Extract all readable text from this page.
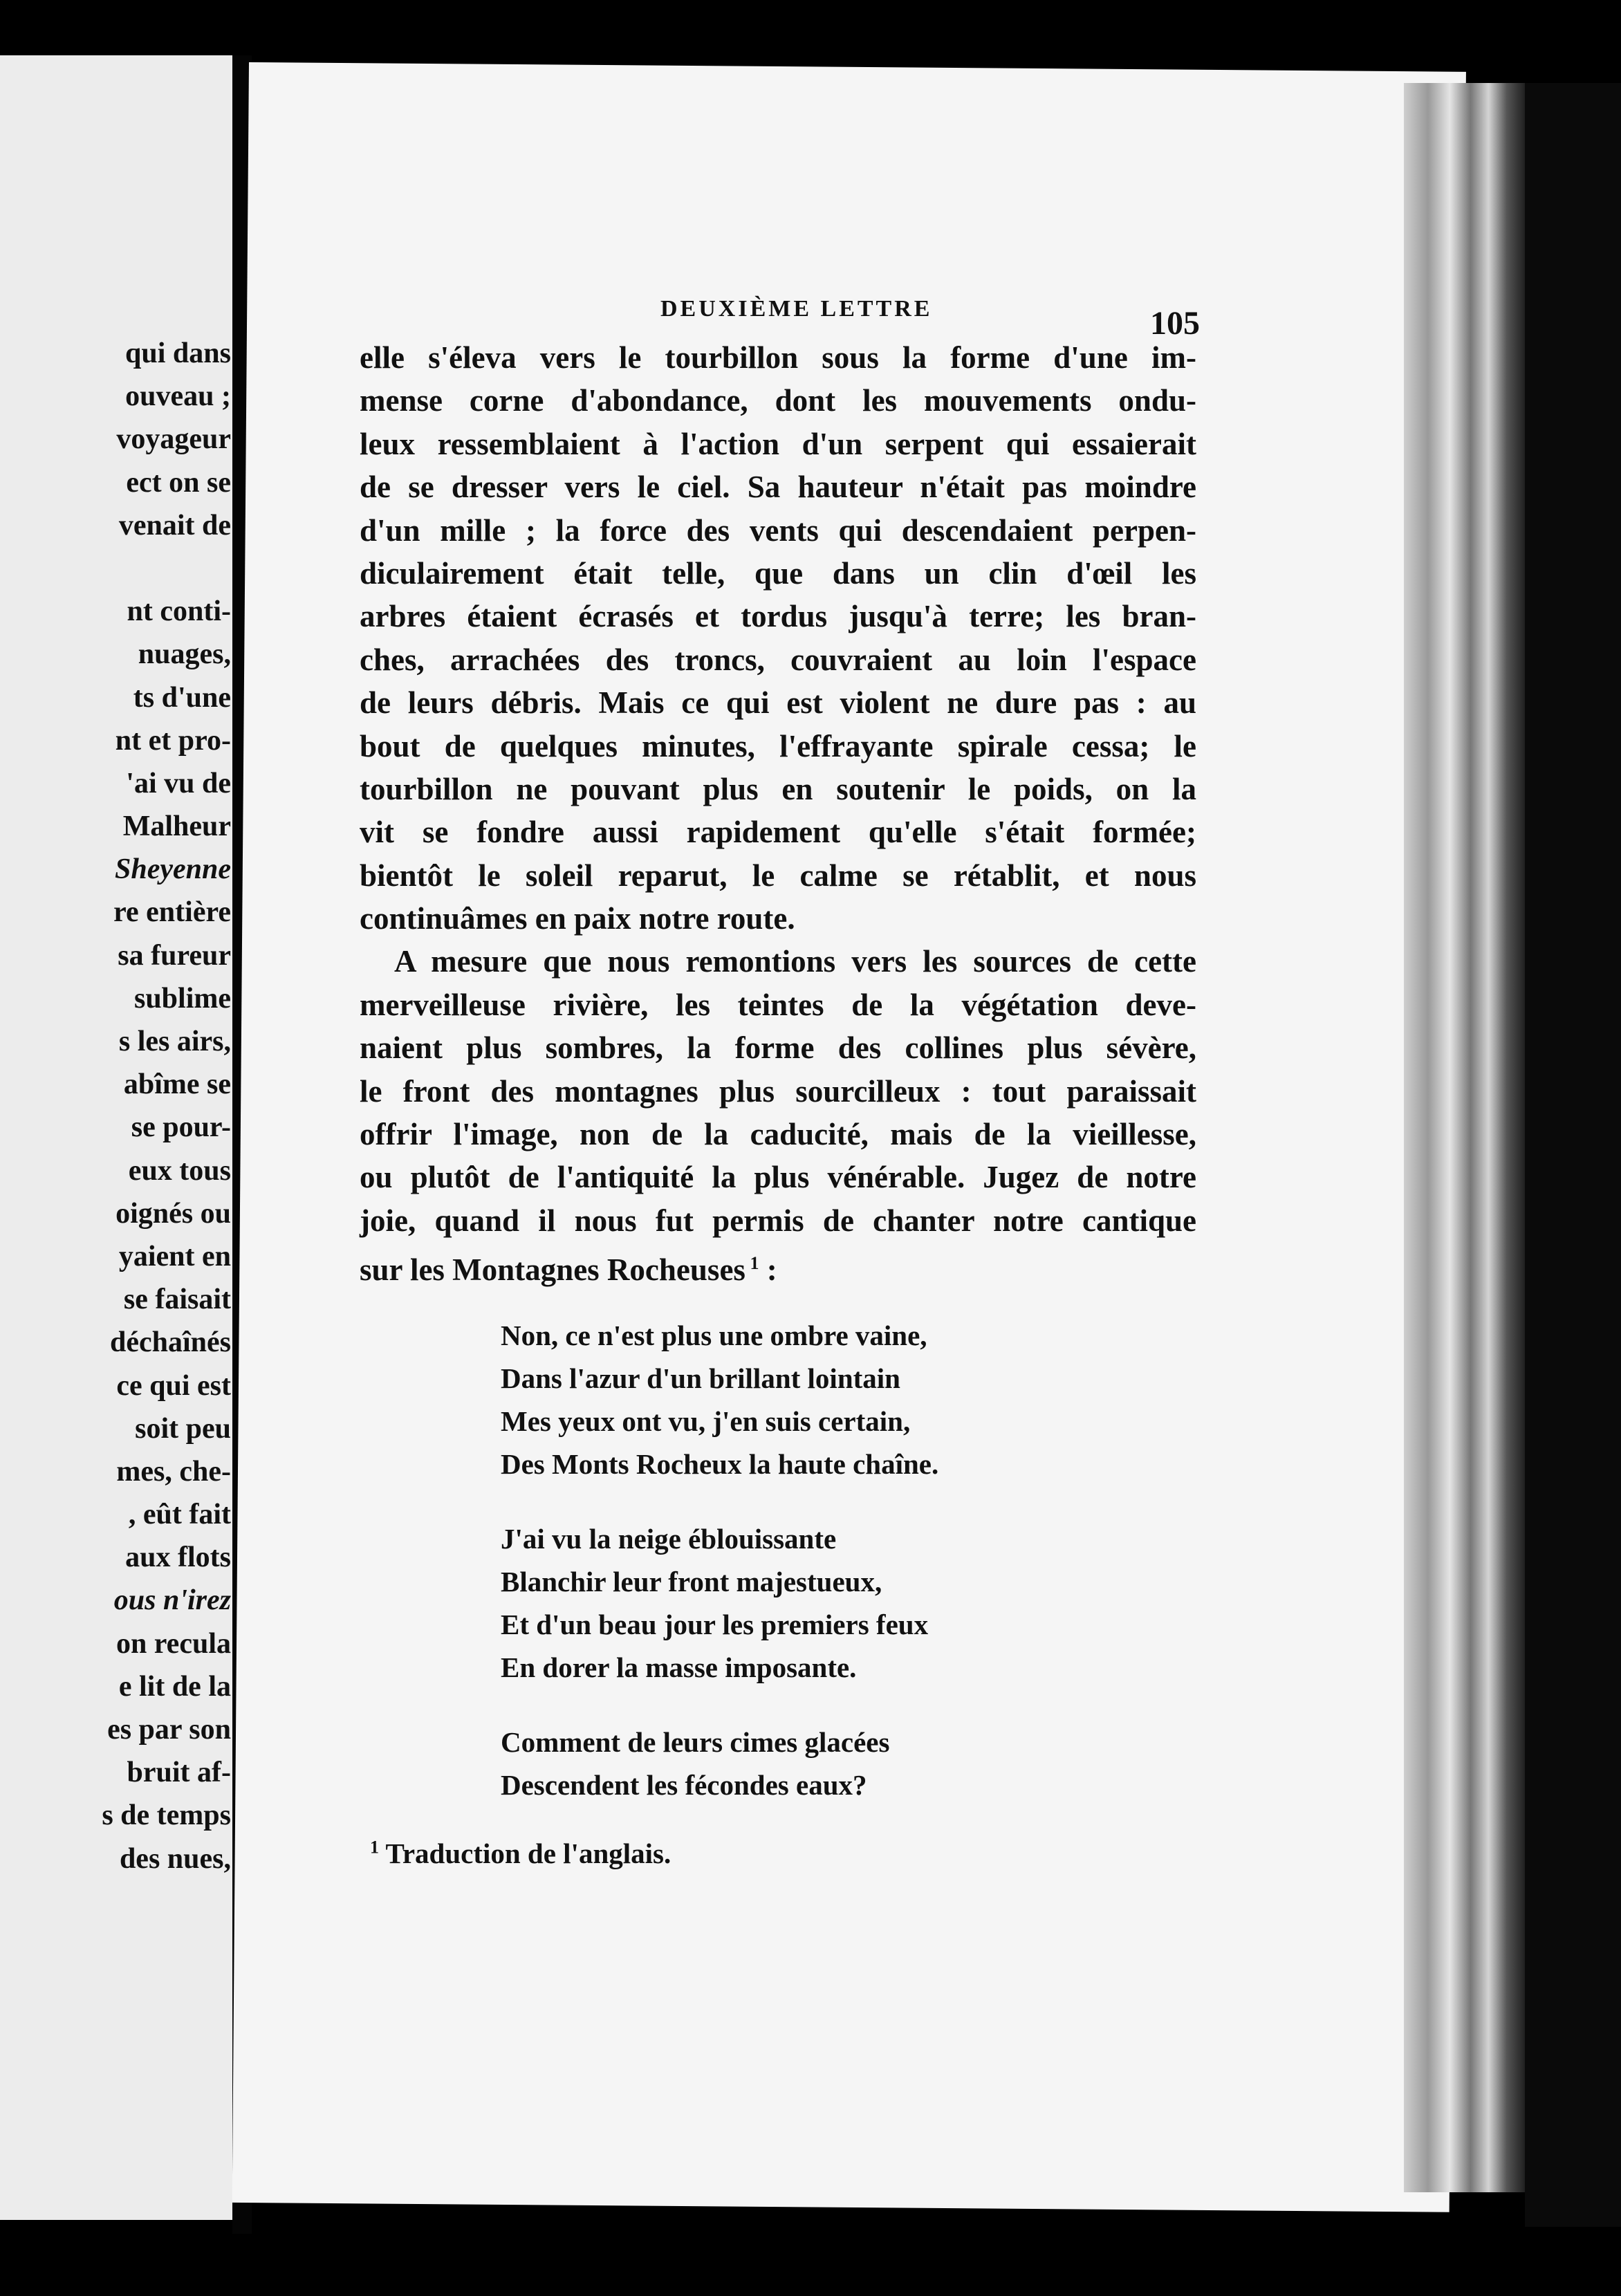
qui dans
ouveau ;
voyageur
ect on se
venait de
nt conti-
nuages,
ts d'une
nt et pro-
'ai vu de
Malheur
Sheyenne
re entière
sa fureur
sublime
s les airs,
abîme se
se pour-
eux tous
oignés ou
yaient en
se faisait
déchaînés
ce qui est
soit peu
mes, che-
, eût fait
aux flots
ous n'irez
on recula
e lit de la
es par son
bruit af-
s de temps
des nues,
DEUXIÈME LETTRE	105
elle s'éleva vers le tourbillon sous la forme d'une im-
mense corne d'abondance, dont les mouvements ondu-
leux ressemblaient à l'action d'un serpent qui essaierait
de se dresser vers le ciel. Sa hauteur n'était pas moindre
d'un mille ; la force des vents qui descendaient perpen-
diculairement était telle, que dans un clin d'œil les
arbres étaient écrasés et tordus jusqu'à terre; les bran-
ches, arrachées des troncs, couvraient au loin l'espace
de leurs débris. Mais ce qui est violent ne dure pas : au
bout de quelques minutes, l'effrayante spirale cessa; le
tourbillon ne pouvant plus en soutenir le poids, on la
vit se fondre aussi rapidement qu'elle s'était formée;
bientôt le soleil reparut, le calme se rétablit, et nous
continuâmes en paix notre route.
A mesure que nous remontions vers les sources de cette
merveilleuse rivière, les teintes de la végétation deve-
naient plus sombres, la forme des collines plus sévère,
le front des montagnes plus sourcilleux : tout paraissait
offrir l'image, non de la caducité, mais de la vieillesse,
ou plutôt de l'antiquité la plus vénérable. Jugez de notre
joie, quand il nous fut permis de chanter notre cantique
sur les Montagnes Rocheuses $^1$ :
Non, ce n'est plus une ombre vaine,
Dans l'azur d'un brillant lointain
Mes yeux ont vu, j'en suis certain,
Des Monts Rocheux la haute chaîne.
J'ai vu la neige éblouissante
Blanchir leur front majestueux,
Et d'un beau jour les premiers feux
En dorer la masse imposante.
Comment de leurs cimes glacées
Descendent les fécondes eaux?
$^1$ Traduction de l'anglais.
